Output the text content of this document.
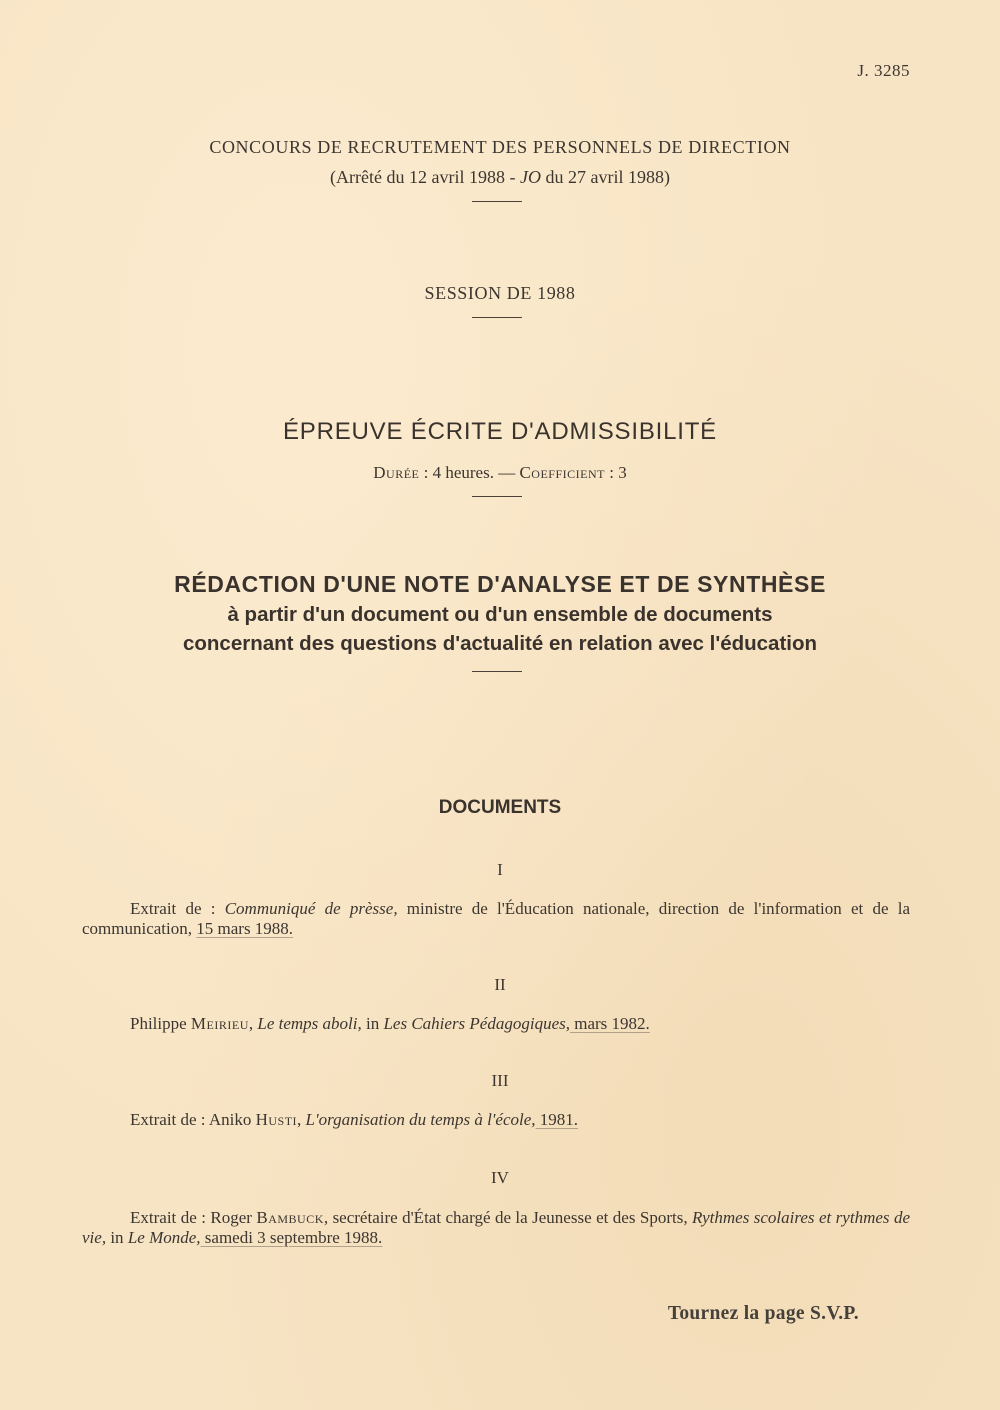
J. 3285
CONCOURS DE RECRUTEMENT DES PERSONNELS DE DIRECTION
(Arrêté du 12 avril 1988 - JO du 27 avril 1988)
SESSION DE 1988
ÉPREUVE ÉCRITE D'ADMISSIBILITÉ
Durée : 4 heures. — Coefficient : 3
RÉDACTION D'UNE NOTE D'ANALYSE ET DE SYNTHÈSE
à partir d'un document ou d'un ensemble de documents
concernant des questions d'actualité en relation avec l'éducation
DOCUMENTS
I
Extrait de : Communiqué de prèsse, ministre de l'Éducation nationale, direction de l'information et de la communication, 15 mars 1988.
II
Philippe Meirieu, Le temps aboli, in Les Cahiers Pédagogiques, mars 1982.
III
Extrait de : Aniko Husti, L'organisation du temps à l'école, 1981.
IV
Extrait de : Roger Bambuck, secrétaire d'État chargé de la Jeunesse et des Sports, Rythmes scolaires et rythmes de vie, in Le Monde, samedi 3 septembre 1988.
Tournez la page S.V.P.
